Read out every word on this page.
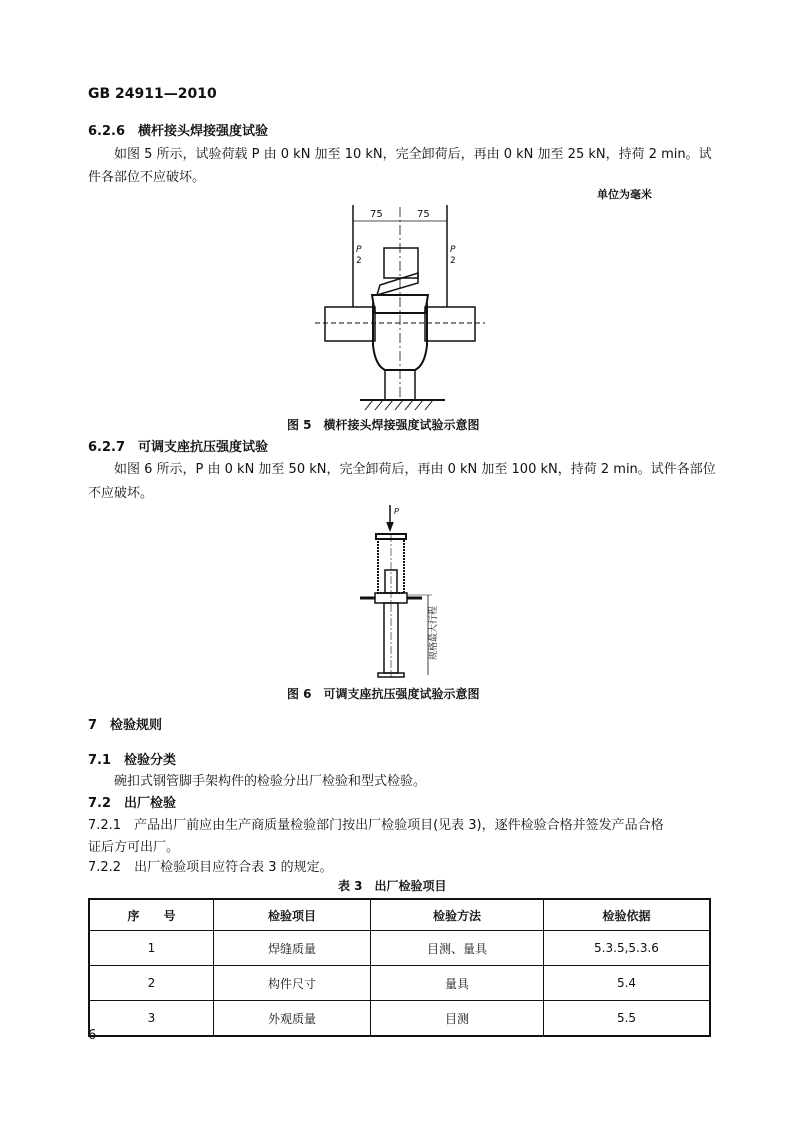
GB 24911—2010
6.2.6　横杆接头焊接强度试验
如图 5 所示，试验荷载 P 由 0 kN 加至 10 kN，完全卸荷后，再由 0 kN 加至 25 kN，持荷 2 min。试
件各部位不应破坏。
单位为毫米
75	75
P
2
P
2
图 5　横杆接头焊接强度试验示意图
6.2.7　可调支座抗压强度试验
如图 6 所示，P 由 0 kN 加至 50 kN，完全卸荷后，再由 0 kN 加至 100 kN，持荷 2 min。试件各部位
不应破坏。
P
规格最大行程
图 6　可调支座抗压强度试验示意图
7　检验规则
7.1　检验分类
碗扣式钢管脚手架构件的检验分出厂检验和型式检验。
7.2　出厂检验
7.2.1　产品出厂前应由生产商质量检验部门按出厂检验项目(见表 3)，逐件检验合格并签发产品合格
证后方可出厂。
7.2.2　出厂检验项目应符合表 3 的规定。
表 3　出厂检验项目
序　　号	检验项目	检验方法	检验依据
1	焊缝质量	目测、量具	5.3.5,5.3.6
2	构件尺寸	量具	5.4
3	外观质量	目测	5.5
6
